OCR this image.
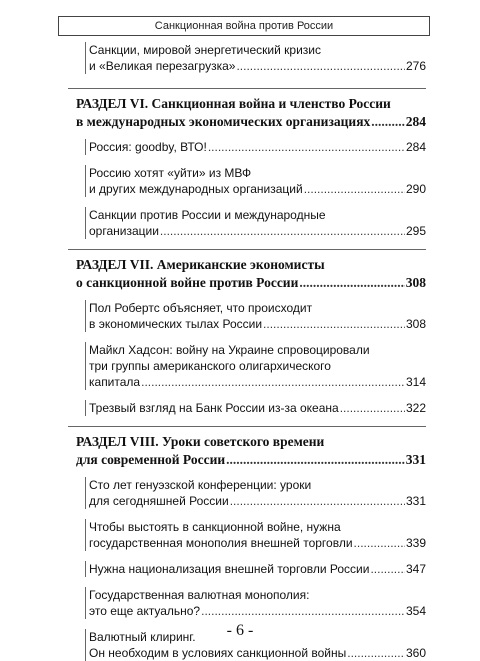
Санкционная война против России
Санкции, мировой энергетический кризис
и «Великая перезагрузка» .....	276
РАЗДЕЛ VI. Санкционная война и членство России
в международных экономических организациях .....	284
Россия: goodby, ВТО! .....	284
Россию хотят «уйти» из МВФ
и других международных организаций .....	290
Санкции против России и международные
организации .....	295
РАЗДЕЛ VII. Американские экономисты
о санкционной войне против России .....	308
Пол Робертс объясняет, что происходит
в экономических тылах России .....	308
Майкл Хадсон: войну на Украине спровоцировали
три группы американского олигархического
капитала .....	314
Трезвый взгляд на Банк России из-за океана .....	322
РАЗДЕЛ VIII. Уроки советского времени
для современной России .....	331
Сто лет генуэзской конференции: уроки
для сегодняшней России .....	331
Чтобы выстоять в санкционной войне, нужна
государственная монополия внешней торговли .....	339
Нужна национализация внешней торговли России .....	347
Государственная валютная монополия:
это еще актуально? .....	354
Валютный клиринг.
Он необходим в условиях санкционной войны .....	360
- 6 -
